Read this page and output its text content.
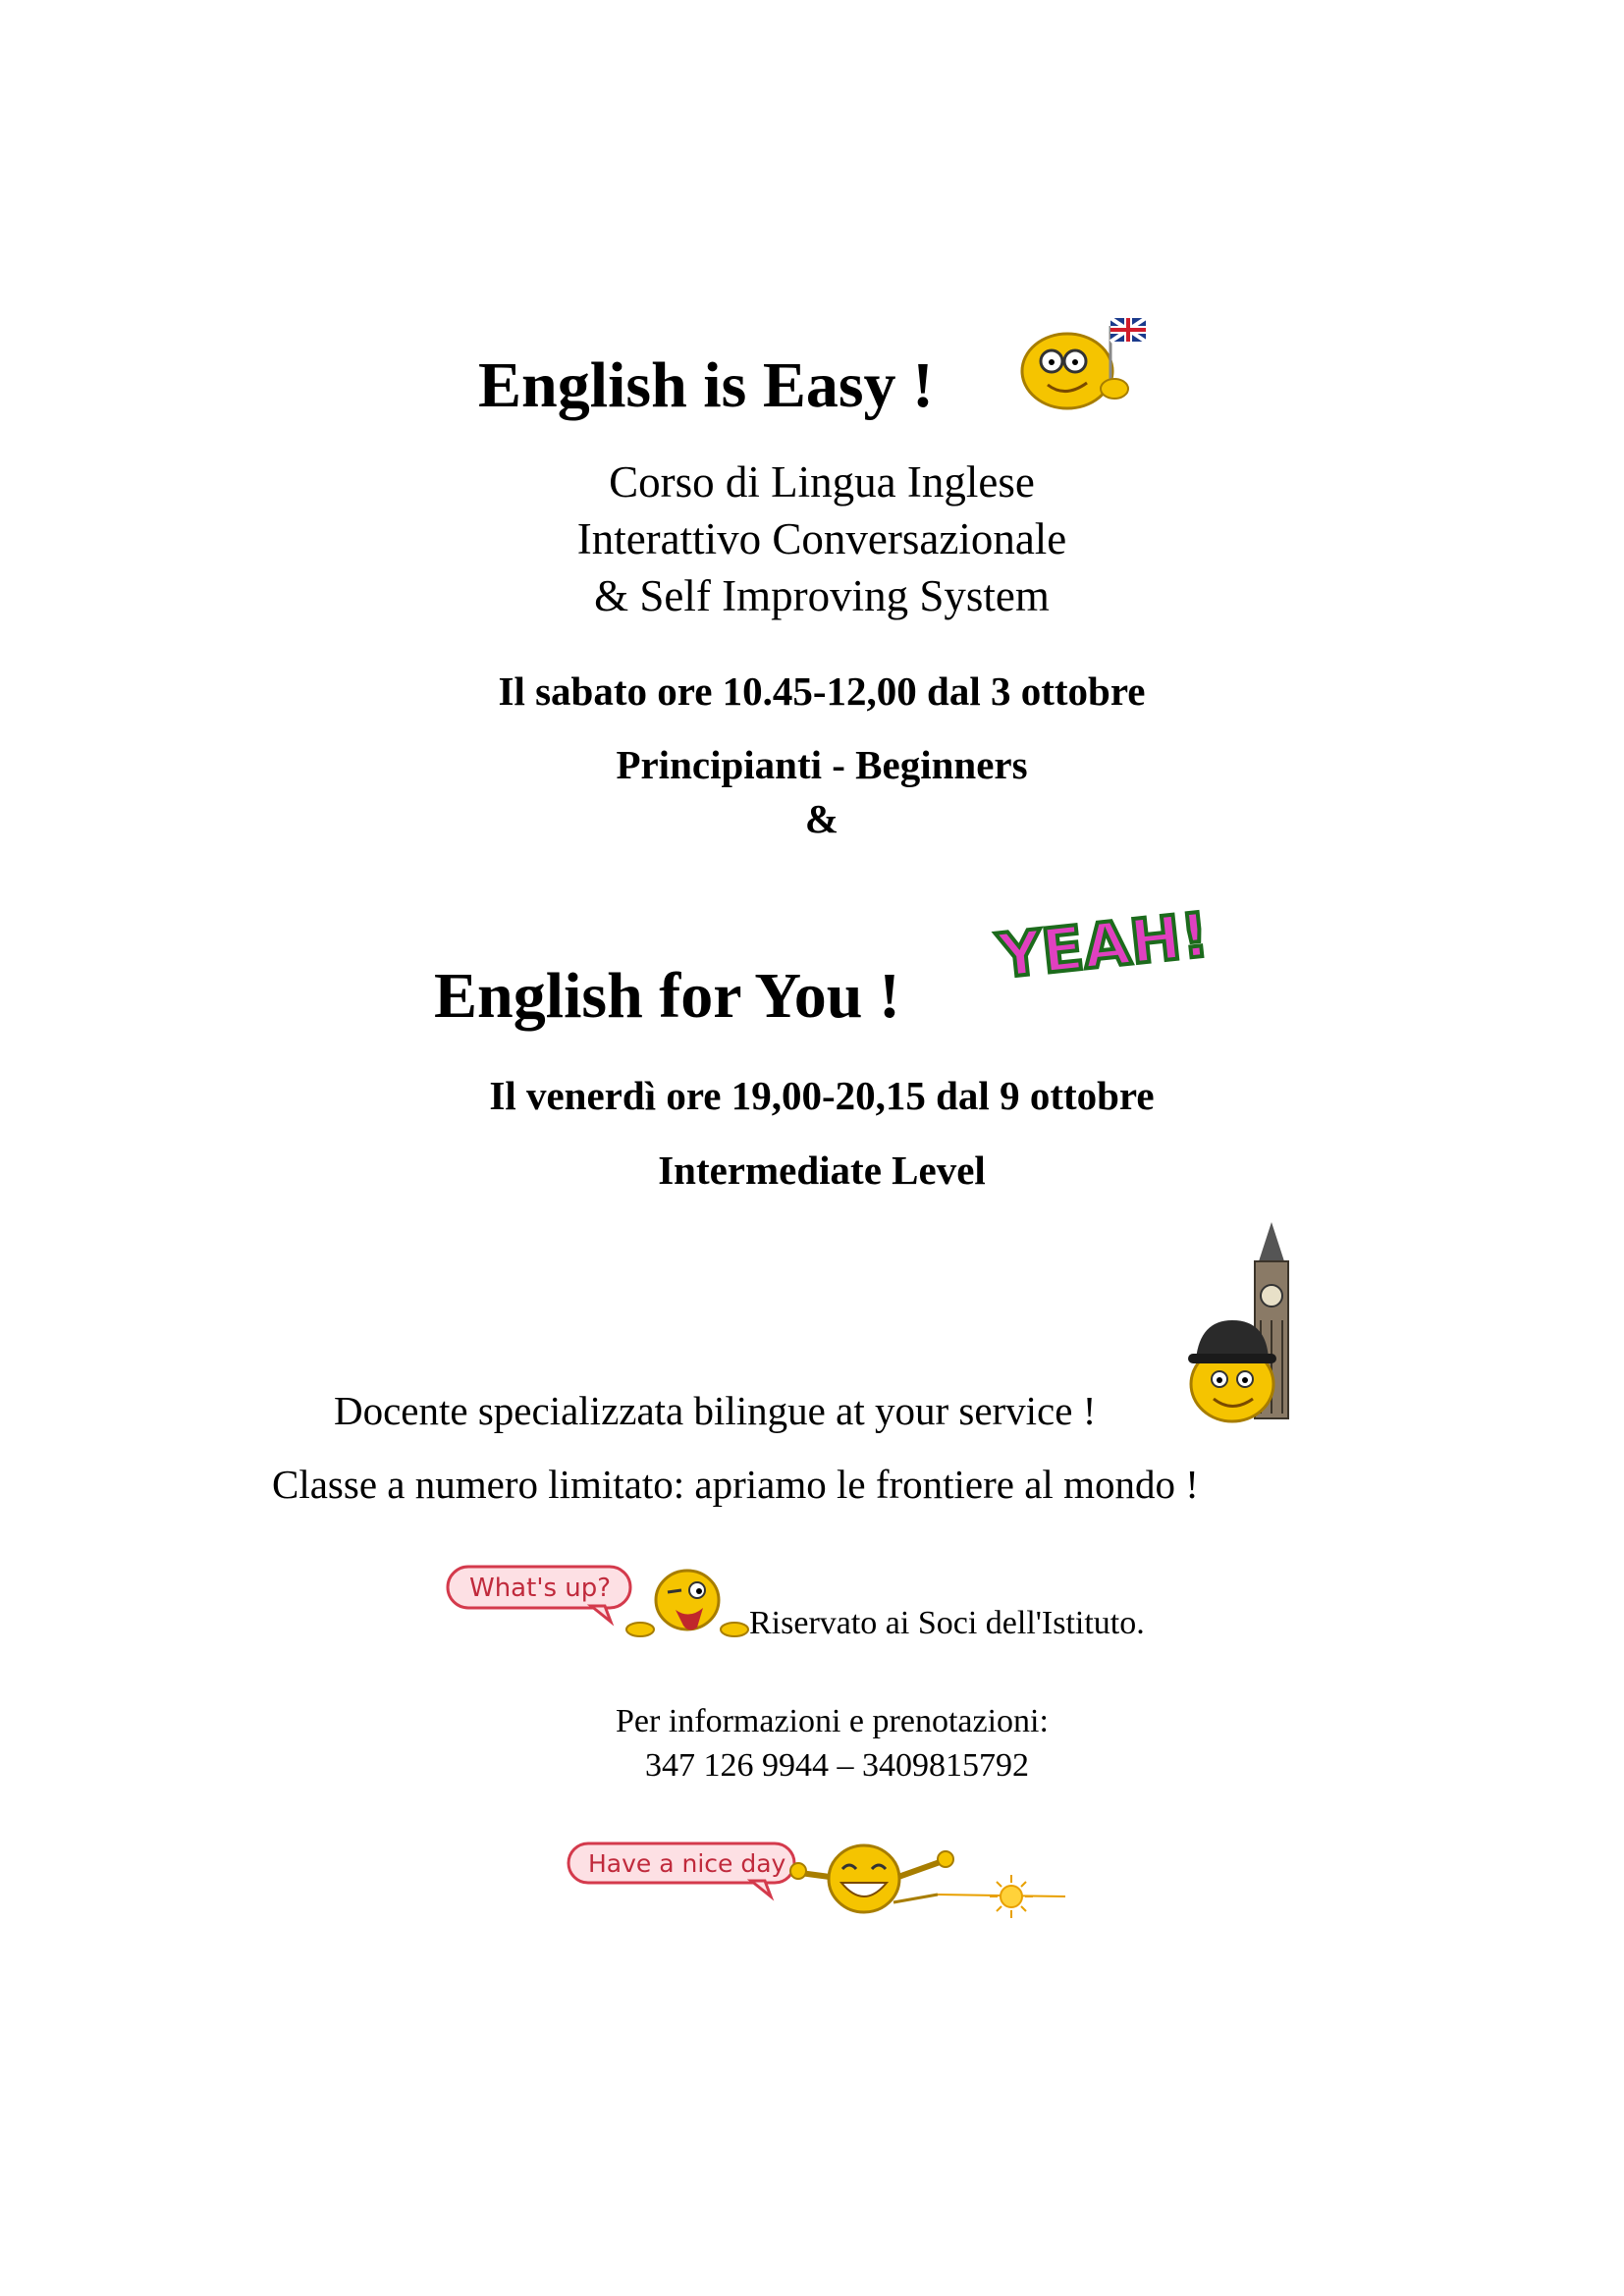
English is Easy !
Corso di Lingua Inglese
Interattivo Conversazionale
& Self Improving System
Il sabato ore 10.45-12,00 dal 3 ottobre
Principianti - Beginners
&
English for You !
YEAH!
Il venerdì ore 19,00-20,15 dal 9 ottobre
Intermediate Level
Docente specializzata bilingue at your service !
Classe a numero limitato: apriamo le frontiere al mondo !
What's up?
Riservato ai Soci dell'Istituto.
Per informazioni e prenotazioni:
347 126 9944 – 3409815792
Have a nice day
